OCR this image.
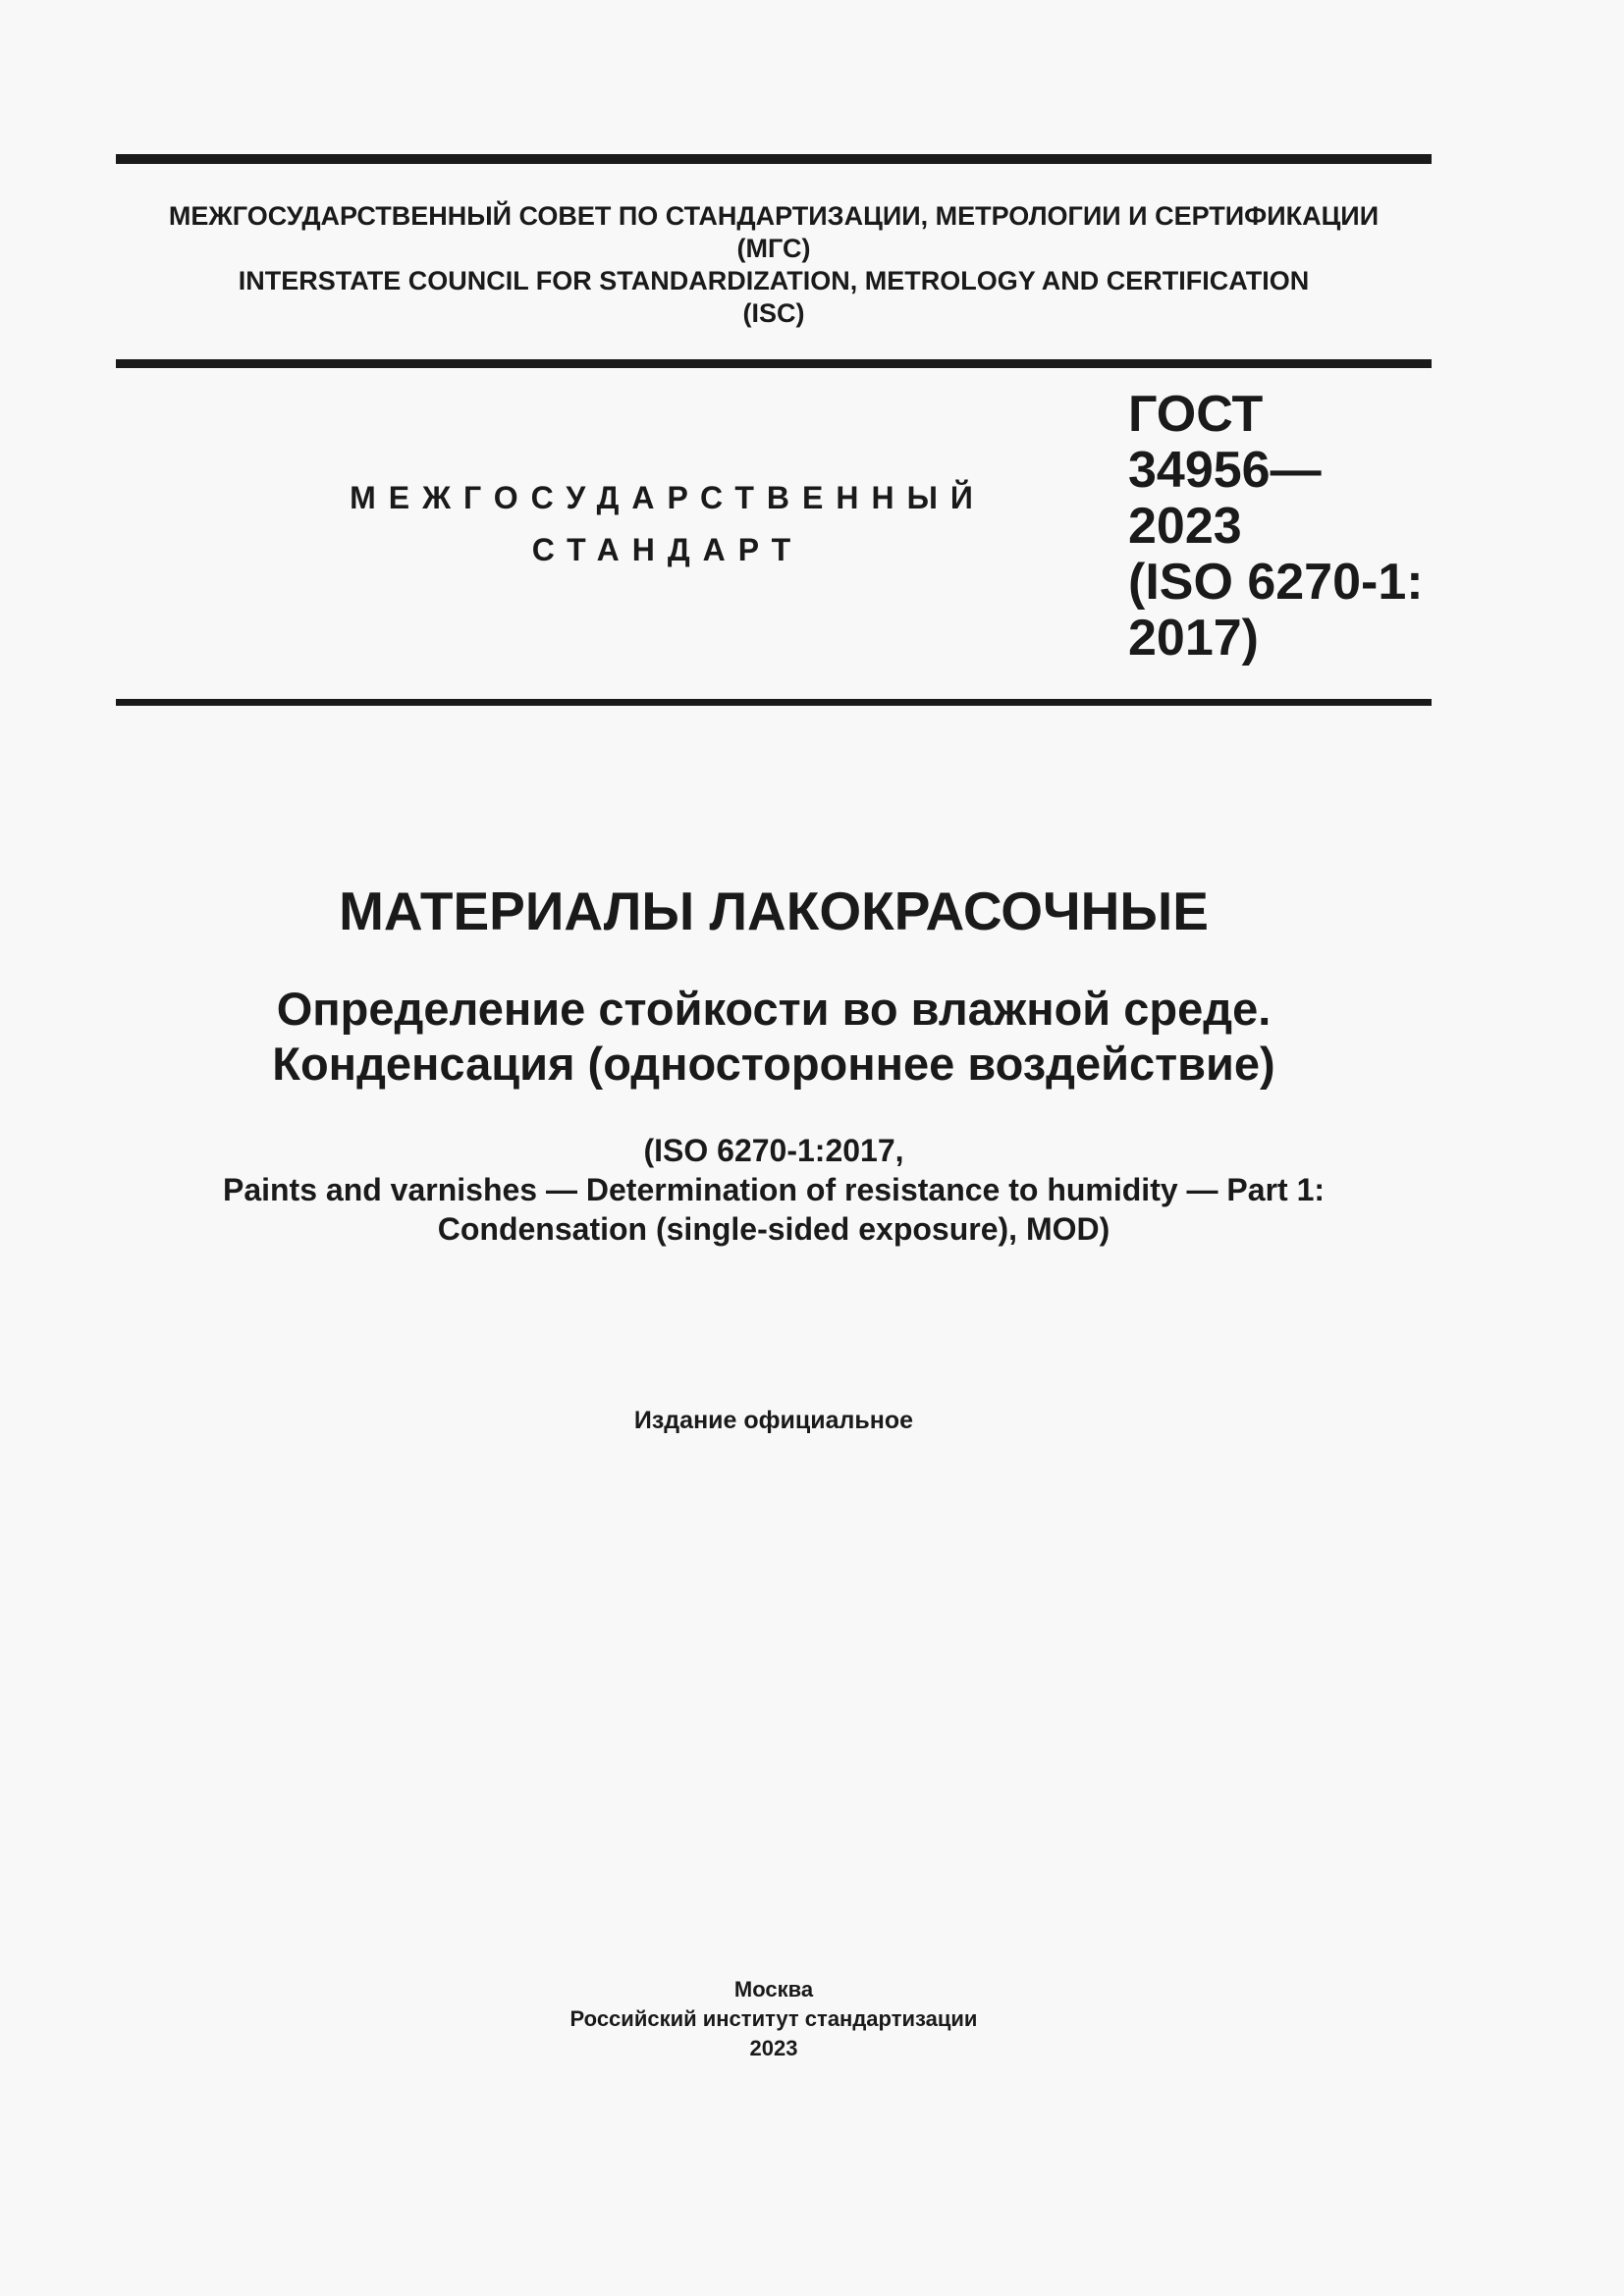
МЕЖГОСУДАРСТВЕННЫЙ СОВЕТ ПО СТАНДАРТИЗАЦИИ, МЕТРОЛОГИИ И СЕРТИФИКАЦИИ
(МГС)
INTERSTATE COUNCIL FOR STANDARDIZATION, METROLOGY AND CERTIFICATION
(ISC)
МЕЖГОСУДАРСТВЕННЫЙ
СТАНДАРТ
ГОСТ
34956—
2023
(ISO 6270-1:
2017)
МАТЕРИАЛЫ ЛАКОКРАСОЧНЫЕ
Определение стойкости во влажной среде.
Конденсация (одностороннее воздействие)
(ISO 6270-1:2017,
Paints and varnishes — Determination of resistance to humidity — Part 1:
Condensation (single-sided exposure), MOD)
Издание официальное
Москва
Российский институт стандартизации
2023
